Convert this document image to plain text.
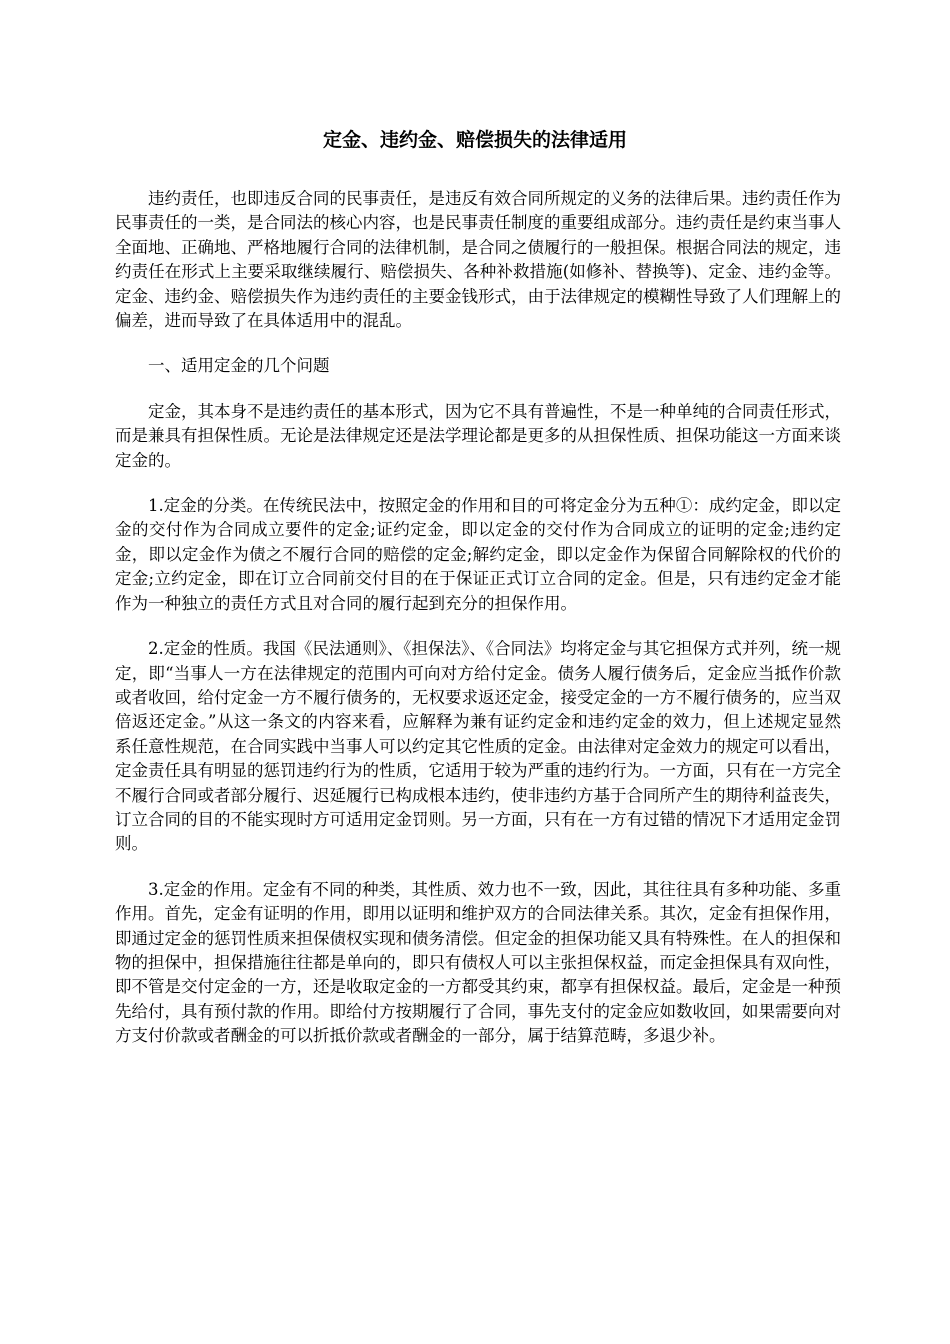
定金、违约金、赔偿损失的法律适用

违约责任，也即违反合同的民事责任，是违反有效合同所规定的义务的法律后果。违约责任作为民事责任的一类，是合同法的核心内容，也是民事责任制度的重要组成部分。违约责任是约束当事人全面地、正确地、严格地履行合同的法律机制，是合同之债履行的一般担保。根据合同法的规定，违约责任在形式上主要采取继续履行、赔偿损失、各种补救措施(如修补、替换等)、定金、违约金等。定金、违约金、赔偿损失作为违约责任的主要金钱形式，由于法律规定的模糊性导致了人们理解上的偏差，进而导致了在具体适用中的混乱。

一、适用定金的几个问题

定金，其本身不是违约责任的基本形式，因为它不具有普遍性，不是一种单纯的合同责任形式，而是兼具有担保性质。无论是法律规定还是法学理论都是更多的从担保性质、担保功能这一方面来谈定金的。

1.定金的分类。在传统民法中，按照定金的作用和目的可将定金分为五种①：成约定金，即以定金的交付作为合同成立要件的定金;证约定金，即以定金的交付作为合同成立的证明的定金;违约定金，即以定金作为债之不履行合同的赔偿的定金;解约定金，即以定金作为保留合同解除权的代价的定金;立约定金，即在订立合同前交付目的在于保证正式订立合同的定金。但是，只有违约定金才能作为一种独立的责任方式且对合同的履行起到充分的担保作用。

2.定金的性质。我国《民法通则》、《担保法》、《合同法》均将定金与其它担保方式并列，统一规定，即“当事人一方在法律规定的范围内可向对方给付定金。债务人履行债务后，定金应当抵作价款或者收回，给付定金一方不履行债务的，无权要求返还定金，接受定金的一方不履行债务的，应当双倍返还定金。”从这一条文的内容来看，应解释为兼有证约定金和违约定金的效力，但上述规定显然系任意性规范，在合同实践中当事人可以约定其它性质的定金。由法律对定金效力的规定可以看出，定金责任具有明显的惩罚违约行为的性质，它适用于较为严重的违约行为。一方面，只有在一方完全不履行合同或者部分履行、迟延履行已构成根本违约，使非违约方基于合同所产生的期待利益丧失，订立合同的目的不能实现时方可适用定金罚则。另一方面，只有在一方有过错的情况下才适用定金罚则。

3.定金的作用。定金有不同的种类，其性质、效力也不一致，因此，其往往具有多种功能、多重作用。首先，定金有证明的作用，即用以证明和维护双方的合同法律关系。其次，定金有担保作用，即通过定金的惩罚性质来担保债权实现和债务清偿。但定金的担保功能又具有特殊性。在人的担保和物的担保中，担保措施往往都是单向的，即只有债权人可以主张担保权益，而定金担保具有双向性，即不管是交付定金的一方，还是收取定金的一方都受其约束，都享有担保权益。最后，定金是一种预先给付，具有预付款的作用。即给付方按期履行了合同，事先支付的定金应如数收回，如果需要向对方支付价款或者酬金的可以折抵价款或者酬金的一部分，属于结算范畴，多退少补。
